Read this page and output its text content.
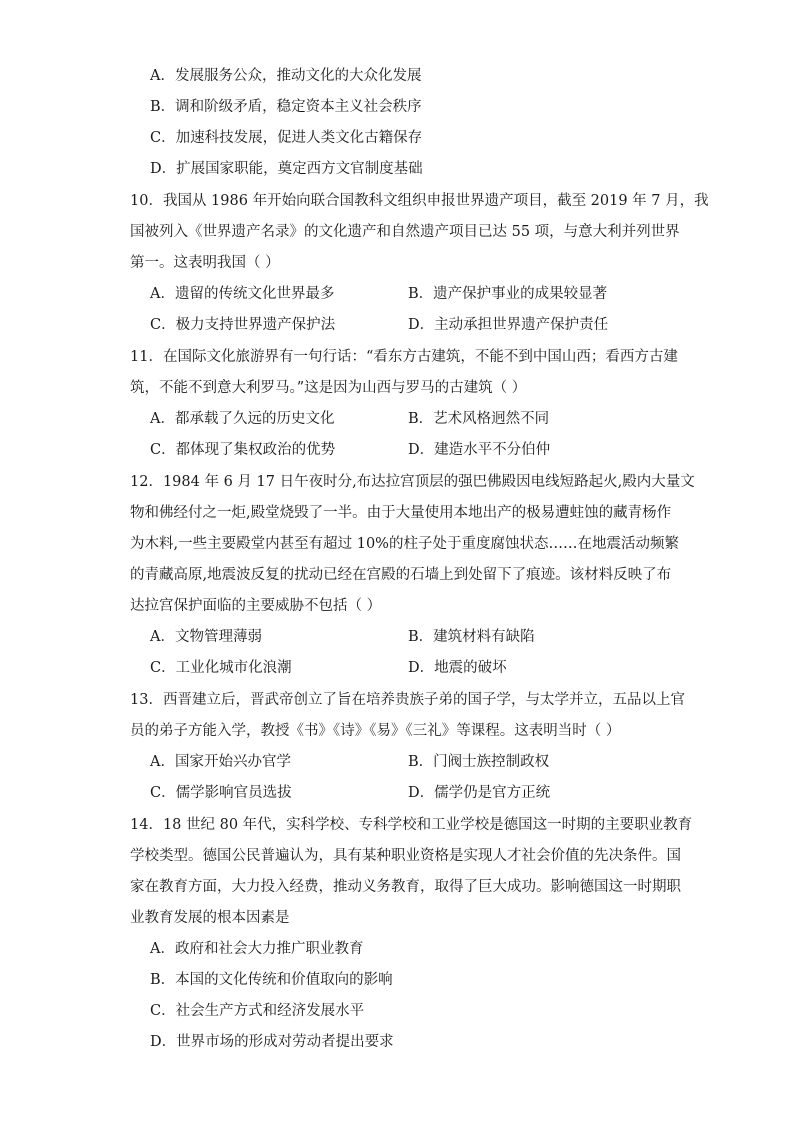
A．发展服务公众，推动文化的大众化发展
B．调和阶级矛盾，稳定资本主义社会秩序
C．加速科技发展，促进人类文化古籍保存
D．扩展国家职能，奠定西方文官制度基础
10．我国从 1986 年开始向联合国教科文组织申报世界遗产项目，截至 2019 年 7 月，我
国被列入《世界遗产名录》的文化遗产和自然遗产项目已达 55 项，与意大利并列世界
第一。这表明我国（ ）
A．遗留的传统文化世界最多	B．遗产保护事业的成果较显著
C．极力支持世界遗产保护法	D．主动承担世界遗产保护责任
11．在国际文化旅游界有一句行话：“看东方古建筑，不能不到中国山西；看西方古建
筑，不能不到意大利罗马。”这是因为山西与罗马的古建筑（ ）
A．都承载了久远的历史文化	B．艺术风格迥然不同
C．都体现了集权政治的优势	D．建造水平不分伯仲
12．1984 年 6 月 17 日午夜时分,布达拉宫顶层的强巴佛殿因电线短路起火,殿内大量文
物和佛经付之一炬,殿堂烧毁了一半。由于大量使用本地出产的极易遭蛀蚀的藏青杨作
为木料,一些主要殿堂内甚至有超过 10%的柱子处于重度腐蚀状态……在地震活动频繁
的青藏高原,地震波反复的扰动已经在宫殿的石墙上到处留下了痕迹。该材料反映了布
达拉宫保护面临的主要威胁不包括（ ）
A．文物管理薄弱	B．建筑材料有缺陷
C．工业化城市化浪潮	D．地震的破坏
13．西晋建立后，晋武帝创立了旨在培养贵族子弟的国子学，与太学并立，五品以上官
员的弟子方能入学，教授《书》《诗》《易》《三礼》等课程。这表明当时（ ）
A．国家开始兴办官学	B．门阀士族控制政权
C．儒学影响官员选拔	D．儒学仍是官方正统
14．18 世纪 80 年代，实科学校、专科学校和工业学校是德国这一时期的主要职业教育
学校类型。德国公民普遍认为，具有某种职业资格是实现人才社会价值的先决条件。国
家在教育方面，大力投入经费，推动义务教育，取得了巨大成功。影响德国这一时期职
业教育发展的根本因素是
A．政府和社会大力推广职业教育
B．本国的文化传统和价值取向的影响
C．社会生产方式和经济发展水平
D．世界市场的形成对劳动者提出要求
